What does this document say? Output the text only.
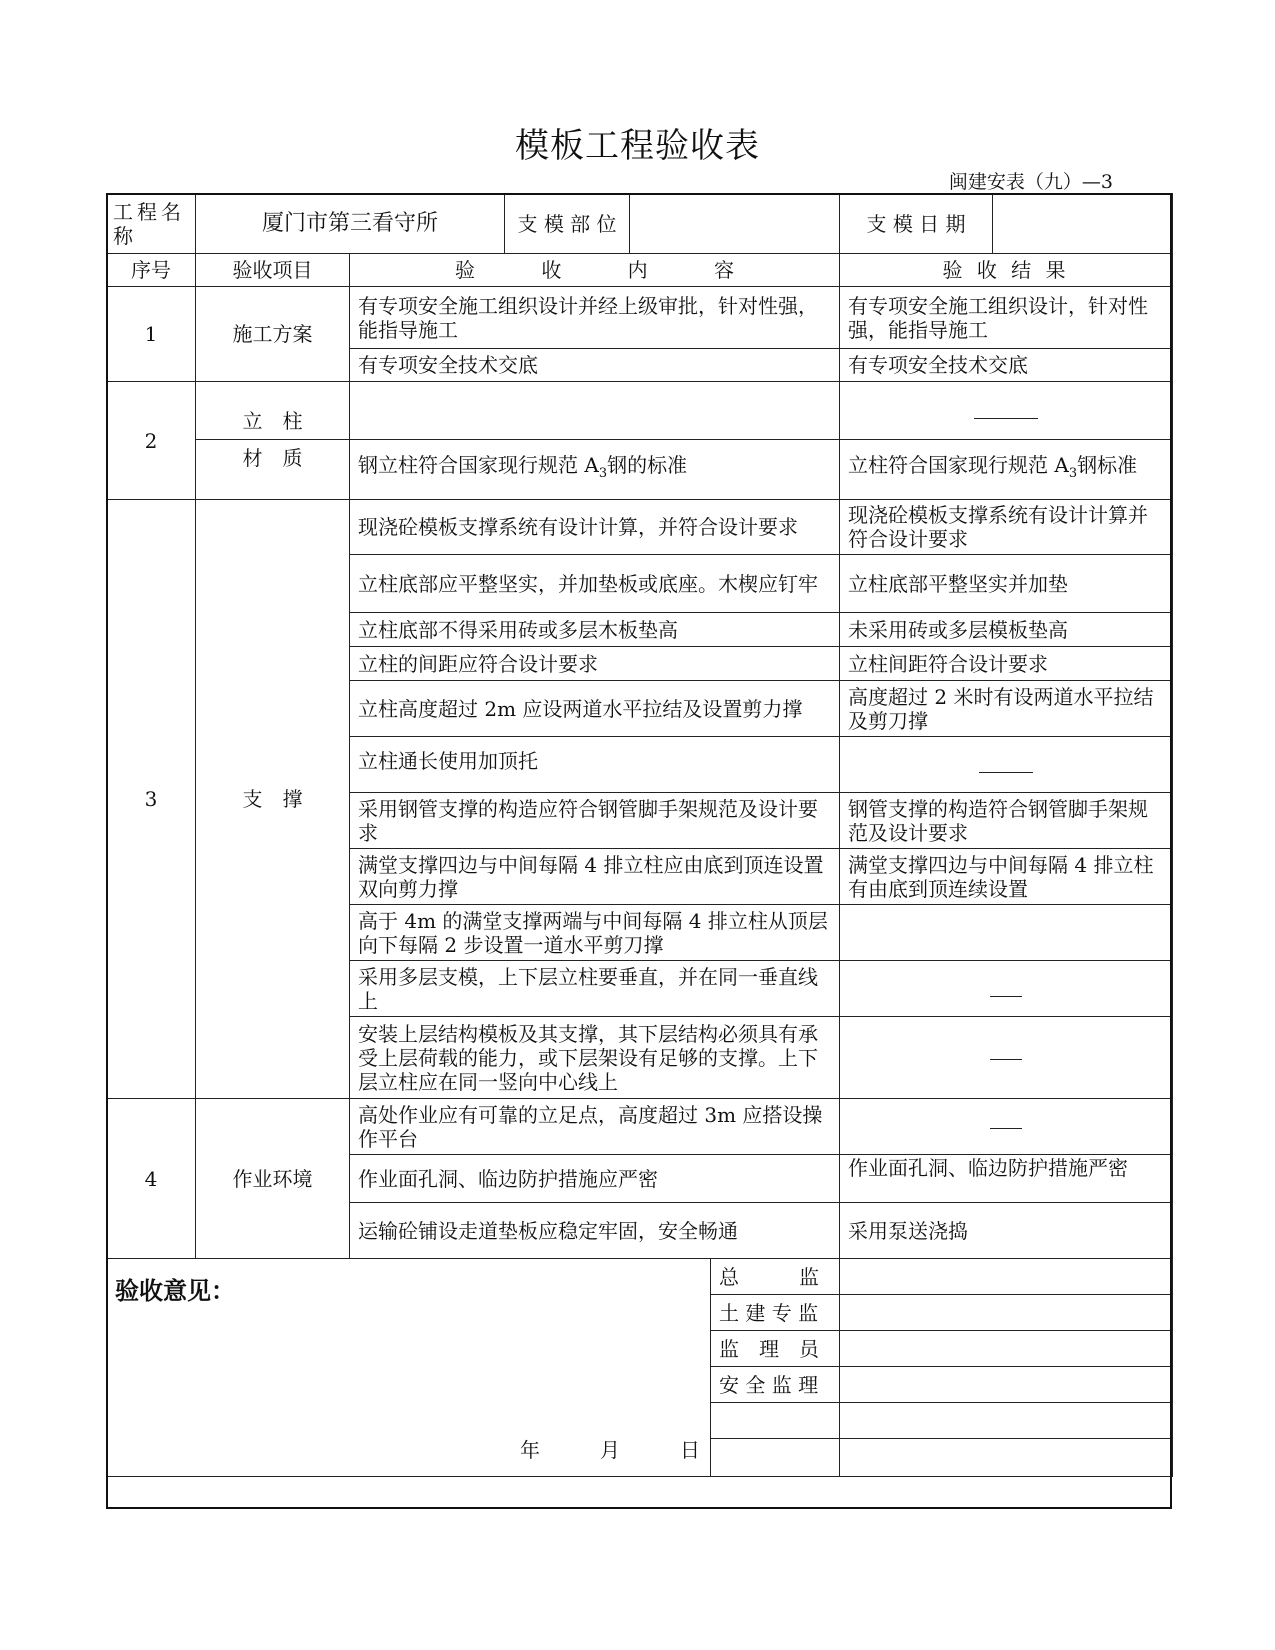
模板工程验收表
闽建安表（九）—3
工程名称	厦门市第三看守所		支 模 部 位			支 模 日 期	
序号	验收项目	验 收 内 容				验 收 结 果	
1	施工方案	有专项安全施工组织设计并经上级审批，针对性强，能指导施工				有专项安全施工组织设计，针对性强，能指导施工	
		有专项安全技术交底				有专项安全技术交底	
2	立　柱						
	材　质	钢立柱符合国家现行规范 $A_3$钢的标准				立柱符合国家现行规范 $A_3$钢标准	
3	支　撑	现浇砼模板支撑系统有设计计算，并符合设计要求				现浇砼模板支撑系统有设计计算并符合设计要求	
		立柱底部应平整坚实，并加垫板或底座。木楔应钉牢				立柱底部平整坚实并加垫	
		立柱底部不得采用砖或多层木板垫高				未采用砖或多层模板垫高	
		立柱的间距应符合设计要求				立柱间距符合设计要求	
		立柱高度超过 2m 应设两道水平拉结及设置剪力撑				高度超过 2 米时有设两道水平拉结及剪刀撑	
		立柱通长使用加顶托					
		采用钢管支撑的构造应符合钢管脚手架规范及设计要求				钢管支撑的构造符合钢管脚手架规范及设计要求	
		满堂支撑四边与中间每隔 4 排立柱应由底到顶连设置双向剪力撑				满堂支撑四边与中间每隔 4 排立柱有由底到顶连续设置	
		高于 4m 的满堂支撑两端与中间每隔 4 排立柱从顶层向下每隔 2 步设置一道水平剪刀撑					
		采用多层支模，上下层立柱要垂直，并在同一垂直线上					
		安装上层结构模板及其支撑，其下层结构必须具有承受上层荷载的能力，或下层架设有足够的支撑。上下层立柱应在同一竖向中心线上					
4	作业环境	高处作业应有可靠的立足点，高度超过 3m 应搭设操作平台					
		作业面孔洞、临边防护措施应严密				作业面孔洞、临边防护措施严密	
		运输砼铺设走道垫板应稳定牢固，安全畅通				采用泵送浇捣	

验收意见：
年　　　月　　　日					总　　　监		
					土 建 专 监		
					监　理　员		
					安 全 监 理		
